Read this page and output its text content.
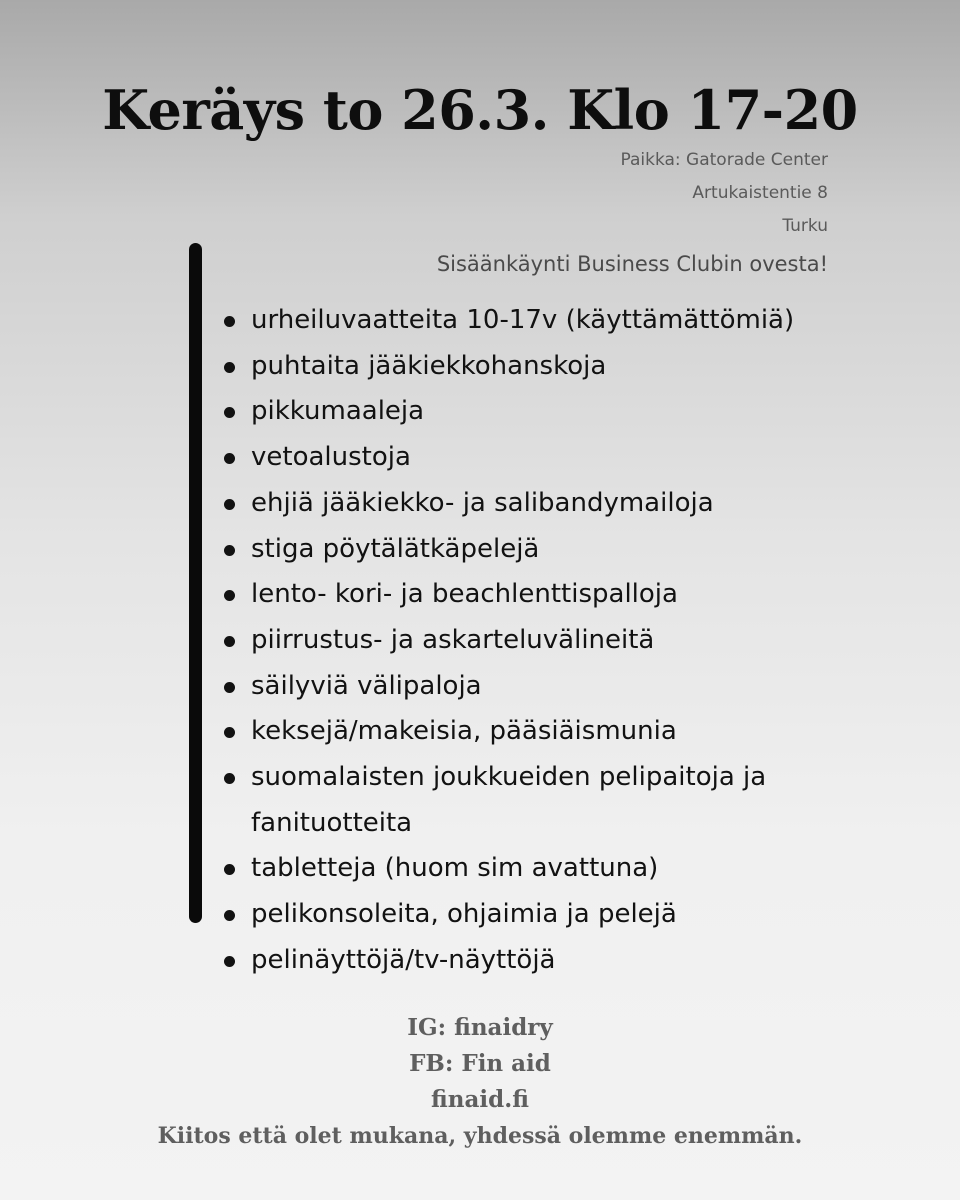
Keräys to 26.3. Klo 17-20
Paikka: Gatorade Center
Artukaistentie 8
Turku
Sisäänkäynti Business Clubin ovesta!
urheiluvaatteita 10-17v (käyttämättömiä)
puhtaita jääkiekkohanskoja
pikkumaaleja
vetoalustoja
ehjiä jääkiekko- ja salibandymailoja
stiga pöytälätkäpelejä
lento- kori- ja beachlenttispalloja
piirrustus- ja askarteluvälineitä
säilyviä välipaloja
keksejä/makeisia, pääsiäismunia
suomalaisten joukkueiden pelipaitoja ja fanituotteita
tabletteja (huom sim avattuna)
pelikonsoleita, ohjaimia ja pelejä
pelinäyttöjä/tv-näyttöjä
IG: finaidry
FB: Fin aid
finaid.fi
Kiitos että olet mukana, yhdessä olemme enemmän.
